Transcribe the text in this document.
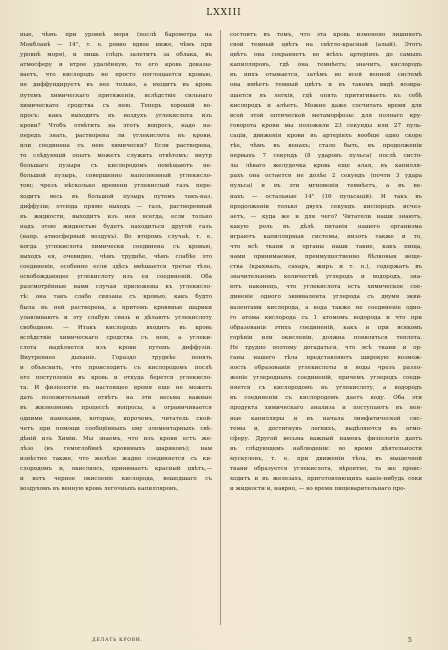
LXXIII
ные, чѣмъ при уровнѣ моря (послѣ барометра на
Монбланѣ — 14", т. е. ровно вдвое ниже, чѣмъ при
уровнѣ моря), и лишь слѣдъ залетитъ за облака, въ
атмосферу и втрое удалённую, то его кровь доказы-
ваетъ, что кислородъ не просто поглощается кровью,
не диффундируетъ въ нее только, а входитъ въ кровь
путемъ химическаго притяженія, вслѣдствіе сильнаго
химическаго сродства съ нею. Теперь хорошій во-
просъ: какъ выходитъ въ воздухъ углекислота изъ
крови? Чтобъ отвѣтить на этотъ вопросъ, надо на-
передъ знать, растворена ли углекислота въ крови,
или соединена съ нею химически? Если растворена,
то слѣдующій опытъ можетъ служить отвѣтомъ: внутр
большаго пузыря съ кислородомъ помѣщаютъ не-
большой пузырь, совершенно наполненный углекисло-
тою; чрезъ нѣсколько времени углекислый газъ пере-
ходитъ весь въ большой пузырь путемъ такъ-наз.
диффузіи; отсюда прямо выходъ — газъ, растворенный
въ жидкости, выходитъ изъ нея всегда, если только
надъ этою жидкостью будетъ находиться другой газъ
(напр. атмосферный воздухъ). Во второмъ случаѣ, т. е.
когда углекислота химически соединена съ кровью,
выходъ ея, очевидно, чѣмъ труднѣе, чѣмъ слабѣе это
соединеніе, особенно если здѣсь вмѣшается третье тѣло,
освобождающее углекислоту изъ ея соединеній. Оба
разсмотрённые нами случая приложены къ углекисло-
тѣ: она такъ слабо связана съ кровью, какъ будто
была въ ней растворена, а притомъ кровяные шарики
улавливаютъ и эту слабую связь и дѣлаютъ углекислоту
свободною. — Итакъ кислородъ входитъ въ кровь
вслѣдствіе химическаго сродства съ нею, а углеки-
слота выдѣляется изъ крови путемъ диффузіи.
Внутреннее дыханіе. Гораздо труднѣе понять
и объяснить, что происходитъ съ кислородомъ послѣ
его поступленія въ кровь и откуда берется углекисло-
та. И физіологія въ настоящее время еще не можетъ
дать положительный отвѣтъ на эти весьма важные
въ жизненномъ процессѣ вопросы, а ограничивается
одними намеками, которые, впрочемъ, читатель ской-
четъ при помощи сообщённыхъ ему элементарныхъ свѣ-
дѣній изъ Химіи. Мы знаемъ, что изъ крови естъ же-
лѣзо (въ гемоглобинѣ кровяныхъ шариковъ); нам
извѣстно также, что желѣзо жадно соединяется съ ки-
слородомъ и, окисляясь, принимаетъ красный цвѣтъ,—
и вотъ черное окисленіе кислорода, вошедшаго съ
воздухомъ въ венную кровь легочныхъ капилляровъ,
состоитъ въ томъ, что эта кровь изменено лишняетъ
свой темный цвѣтъ на свѣтло-красный (алый). Этотъ
цвѣтъ она сохраняетъ во всѣхъ артеріяхъ до самыхъ
капилляровъ, гдѣ она темнѣетъ; значитъ, кислородъ
въ нихъ отымается, затѣмъ во всей венной системѣ
она имѣетъ темный цвѣтъ и въ такомъ видѣ возвра-
щается въ легкія, гдѣ опять притягиваетъ къ себѣ
кислородъ и алѣетъ. Можно даже сосчитать время для
всей этой оптической метаморфозы: для полнаго кру-
говорота крови мы положили 23 секунды или 27 пуль-
саціи, движенія крови въ артеріяхъ вообще одно скоре
тѣе, чѣмъ въ венахъ; стало быть, въ продолженіи
первыхъ 7 секундъ (8 ударовъ пульса) послѣ систо-
лы лѣваго желудочка кровь еще алая, въ капилля-
рахъ она остается не долѣе 2 секундъ (почти 3 удара
пульса) и въ эти мгновенія темнѣетъ, а въ ве-
нахъ — остальные 14" (16 пульсацій). И такъ въ
продолженіи только двухъ секундъ кислородъ исчез-
аетъ, — куда же и для чего? Читатели наши знаютъ,
какую роль въ дѣлѣ питанія нашего организма
играютъ капиллярныя системы, низоть также и то,
что всѣ ткани и органы наши такие, какъ пища,
нами принимаемая, преимущественно бѣлковыя веще-
ства (крахмалъ, сахаръ, жиръ и т. п.), содержатъ въ
значительномъ количествѣ углеродъ и водородъ, зна-
ютъ наконецъ, что углекислота есть химическое сое-
диненіе одного эквивалента углерода съ двумя экви-
валентами кислорода, а вода также не соединеніе одно-
го атома кислорода съ 1 атомомъ водорода и что при
образованіи этихъ соединеній, какъ и при всякомъ
горѣніи или окисленіи, должна появляться теплота.
Не трудно поэтому догадаться, что всѣ ткани и ор-
ганы нашего тѣла представляютъ широкую возмож-
ность образованія углекислоты и воды чрезъ разло-
женіе углеродныхъ соединеній, причемъ углеродъ соеди-
няется съ кислородомъ въ углекислоту, а водородъ
въ соединеніи съ кислородомъ даетъ воду. Оба эти
продукта химическаго анализа и поступаютъ въ вен-
ные капилляры и въ начала лимфатической сис-
темы и, достигнувъ легкихъ, выдѣляются въ атмо-
сферу. Другой весьма важный намекъ физіологія даетъ
въ слѣдующемъ наблюденіи: во время дѣятельности
мускуловъ, т. е. при движеніи тѣла, въ мышечной
ткани образуется углекислота, вѣроятно, та же проис-
ходитъ и въ железахъ, приготовляющихъ какіе-нибудь соки
и жидкости и, наврно, — во время пищеварительнаго про-
ДЕЛАТЬ КРОВИ.	5
